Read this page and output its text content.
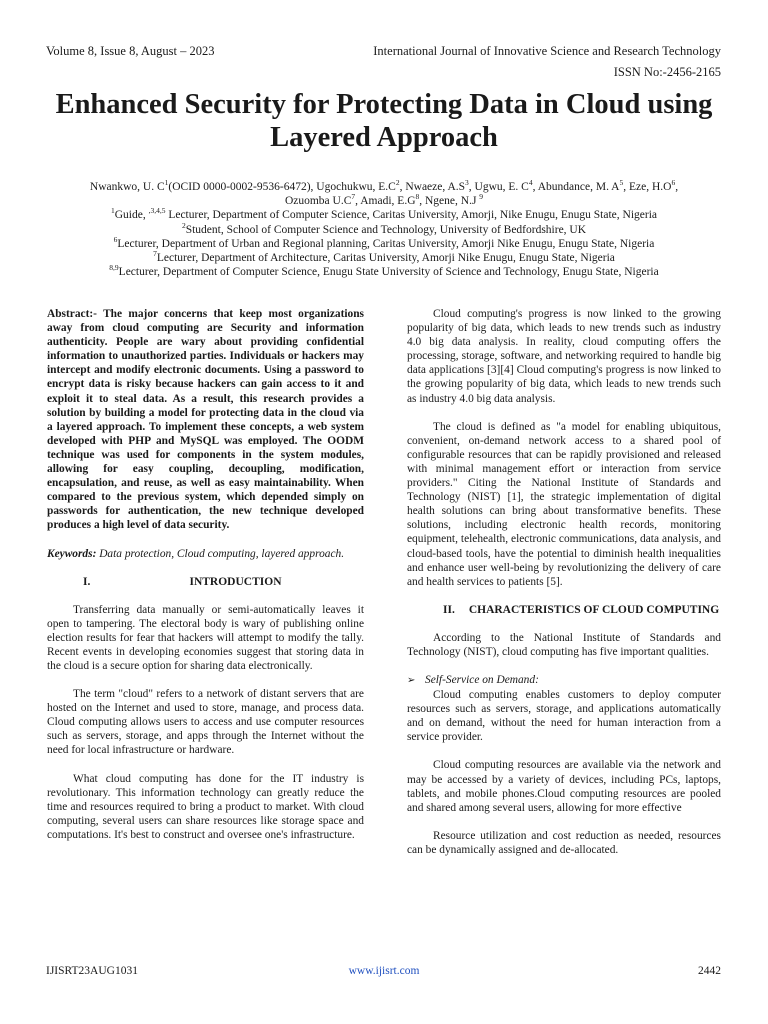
Volume 8, Issue 8, August – 2023	International Journal of Innovative Science and Research Technology
ISSN No:-2456-2165
Enhanced Security for Protecting Data in Cloud using Layered Approach
Nwankwo, U. $C^1(OCID$ 0000-0002-9536-6472), Ugochukwu, $E.C^2$, Nwaeze, $A.S^3$, Ugwu, E. $C^4$, Abundance, M. $A^5$, Eze, $H.O^6$,
Ozuomba $U.C^7$, Amadi, $E.G^8$, Ngene, N.J $^9$
$^1$Guide, $^{,3,4,5}$ Lecturer, Department of Computer Science, Caritas University, Amorji, Nike Enugu, Enugu State, Nigeria
$^2$Student, School of Computer Science and Technology, University of Bedfordshire, UK
$^6$Lecturer, Department of Urban and Regional planning, Caritas University, Amorji Nike Enugu, Enugu State, Nigeria
$^7$Lecturer, Department of Architecture, Caritas University, Amorji Nike Enugu, Enugu State, Nigeria
$^{8,9}$Lecturer, Department of Computer Science, Enugu State University of Science and Technology, Enugu State, Nigeria

Abstract:- The major concerns that keep most organizations away from cloud computing are Security and information authenticity. People are wary about providing confidential information to unauthorized parties. Individuals or hackers may intercept and modify electronic documents. Using a password to encrypt data is risky because hackers can gain access to it and exploit it to steal data. As a result, this research provides a solution by building a model for protecting data in the cloud via a layered approach. To implement these concepts, a web system developed with PHP and MySQL was employed. The OODM technique was used for components in the system modules, allowing for easy coupling, decoupling, modification, encapsulation, and reuse, as well as easy maintainability. When compared to the previous system, which depended simply on passwords for authentication, the new technique developed produces a high level of data security.

Keywords: Data protection, Cloud computing, layered approach.

I.	INTRODUCTION

Transferring data manually or semi-automatically leaves it open to tampering. The electoral body is wary of publishing online election results for fear that hackers will attempt to modify the tally. Recent events in developing economies suggest that storing data in the cloud is a secure option for sharing data electronically.

The term "cloud" refers to a network of distant servers that are hosted on the Internet and used to store, manage, and process data. Cloud computing allows users to access and use computer resources such as servers, storage, and apps through the Internet without the need for local infrastructure or hardware.

What cloud computing has done for the IT industry is revolutionary. This information technology can greatly reduce the time and resources required to bring a product to market. With cloud computing, several users can share resources like storage space and computations. It's best to construct and oversee one's infrastructure.

Cloud computing's progress is now linked to the growing popularity of big data, which leads to new trends such as industry 4.0 big data analysis. In reality, cloud computing offers the processing, storage, software, and networking required to handle big data applications [3][4] Cloud computing's progress is now linked to the growing popularity of big data, which leads to new trends such as industry 4.0 big data analysis.

The cloud is defined as "a model for enabling ubiquitous, convenient, on-demand network access to a shared pool of configurable resources that can be rapidly provisioned and released with minimal management effort or interaction from service providers." Citing the National Institute of Standards and Technology (NIST) [1], the strategic implementation of digital health solutions can bring about transformative benefits. These solutions, including electronic health records, monitoring equipment, telehealth, electronic communications, data analysis, and cloud-based tools, have the potential to diminish health inequalities and enhance user well-being by revolutionizing the delivery of care and health services to patients [5].

II.	CHARACTERISTICS OF CLOUD COMPUTING

According to the National Institute of Standards and Technology (NIST), cloud computing has five important qualities.

➢ Self-Service on Demand:

Cloud computing enables customers to deploy computer resources such as servers, storage, and applications automatically and on demand, without the need for human interaction from a service provider.

Cloud computing resources are available via the network and may be accessed by a variety of devices, including PCs, laptops, tablets, and mobile phones.Cloud computing resources are pooled and shared among several users, allowing for more effective

Resource utilization and cost reduction as needed, resources can be dynamically assigned and de-allocated.

IJISRT23AUG1031	www.ijisrt.com	2442
